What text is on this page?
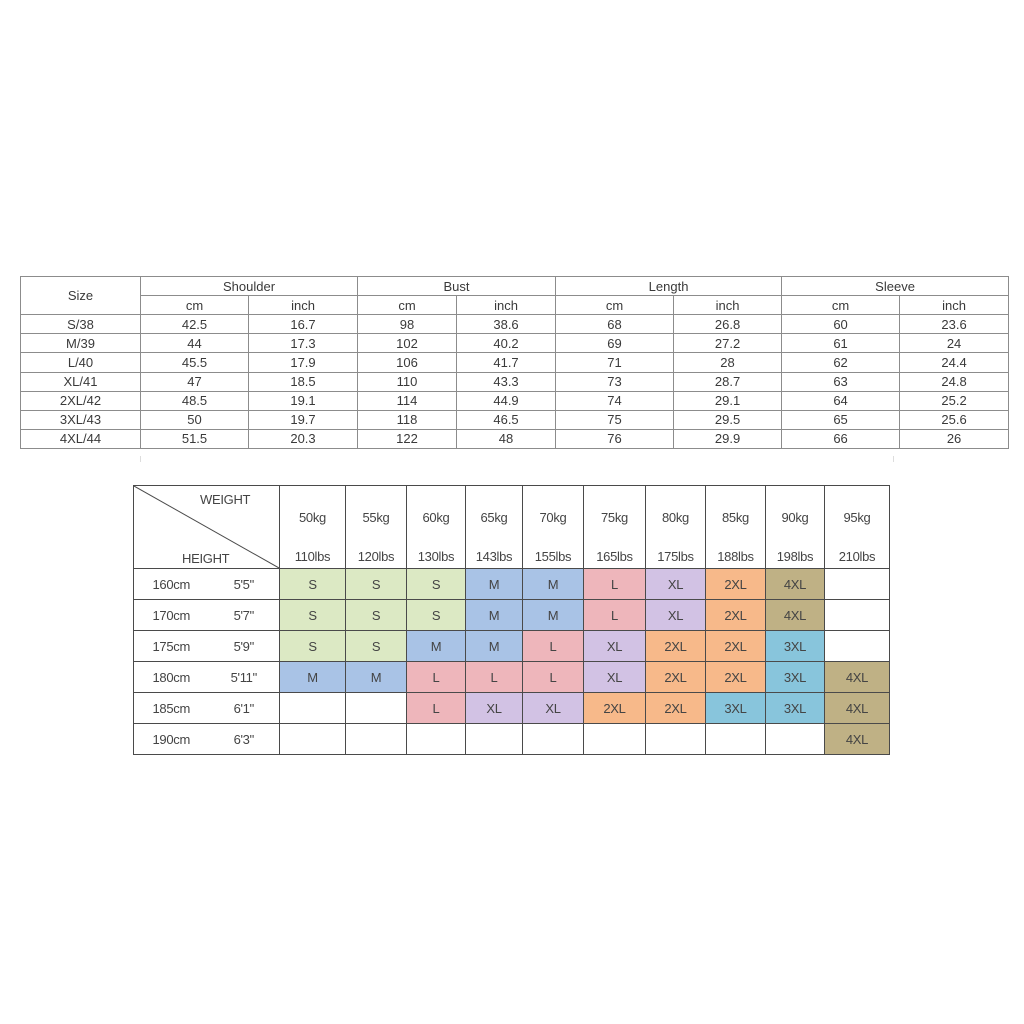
Size	Shoulder		Bust		Length		Sleeve	
	cm	inch	cm	inch	cm	inch	cm	inch
S/38	42.5	16.7	98	38.6	68	26.8	60	23.6
M/39	44	17.3	102	40.2	69	27.2	61	24
L/40	45.5	17.9	106	41.7	71	28	62	24.4
XL/41	47	18.5	110	43.3	73	28.7	63	24.8
2XL/42	48.5	19.1	114	44.9	74	29.1	64	25.2
3XL/43	50	19.7	118	46.5	75	29.5	65	25.6
4XL/44	51.5	20.3	122	48	76	29.9	66	26
WEIGHT
HEIGHT		50kg
110lbs	55kg
120lbs	60kg
130lbs	65kg
143lbs	70kg
155lbs	75kg
165lbs	80kg
175lbs	85kg
188lbs	90kg
198lbs	95kg
210lbs

160cm	5'5"	S	S	S	M	M	L	XL	2XL	4XL	
170cm	5'7"	S	S	S	M	M	L	XL	2XL	4XL	
175cm	5'9"	S	S	M	M	L	XL	2XL	2XL	3XL	
180cm	5'11"	M	M	L	L	L	XL	2XL	2XL	3XL	4XL
185cm	6'1"			L	XL	XL	2XL	2XL	3XL	3XL	4XL
190cm	6'3"										4XL
